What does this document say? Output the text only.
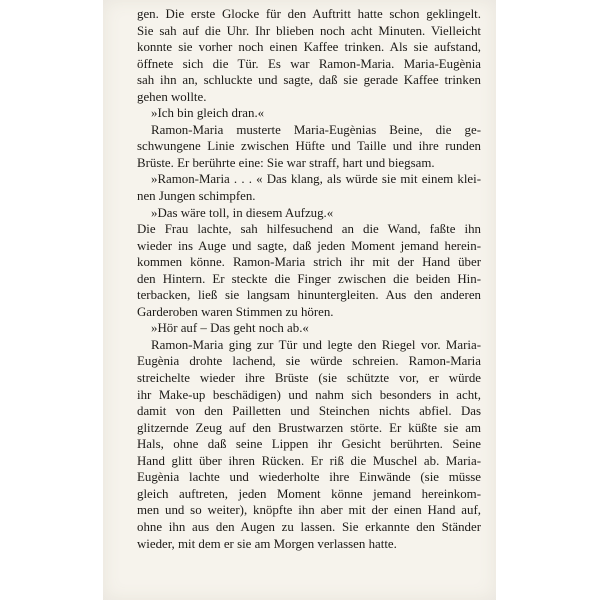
gen. Die erste Glocke für den Auftritt hatte schon geklingelt.
Sie sah auf die Uhr. Ihr blieben noch acht Minuten. Vielleicht
konnte sie vorher noch einen Kaffee trinken. Als sie aufstand,
öffnete sich die Tür. Es war Ramon-Maria. Maria-Eugènia
sah ihn an, schluckte und sagte, daß sie gerade Kaffee trinken
gehen wollte.

»Ich bin gleich dran.«

Ramon-Maria musterte Maria-Eugènias Beine, die ge-
schwungene Linie zwischen Hüfte und Taille und ihre runden
Brüste. Er berührte eine: Sie war straff, hart und biegsam.

»Ramon-Maria . . . « Das klang, als würde sie mit einem klei-
nen Jungen schimpfen.

»Das wäre toll, in diesem Aufzug.«

Die Frau lachte, sah hilfesuchend an die Wand, faßte ihn
wieder ins Auge und sagte, daß jeden Moment jemand herein-
kommen könne. Ramon-Maria strich ihr mit der Hand über
den Hintern. Er steckte die Finger zwischen die beiden Hin-
terbacken, ließ sie langsam hinuntergleiten. Aus den anderen
Garderoben waren Stimmen zu hören.

»Hör auf – Das geht noch ab.«

Ramon-Maria ging zur Tür und legte den Riegel vor. Maria-
Eugènia drohte lachend, sie würde schreien. Ramon-Maria
streichelte wieder ihre Brüste (sie schützte vor, er würde
ihr Make-up beschädigen) und nahm sich besonders in acht,
damit von den Pailletten und Steinchen nichts abfiel. Das
glitzernde Zeug auf den Brustwarzen störte. Er küßte sie am
Hals, ohne daß seine Lippen ihr Gesicht berührten. Seine
Hand glitt über ihren Rücken. Er riß die Muschel ab. Maria-
Eugènia lachte und wiederholte ihre Einwände (sie müsse
gleich auftreten, jeden Moment könne jemand hereinkom-
men und so weiter), knöpfte ihn aber mit der einen Hand auf,
ohne ihn aus den Augen zu lassen. Sie erkannte den Ständer
wieder, mit dem er sie am Morgen verlassen hatte.
